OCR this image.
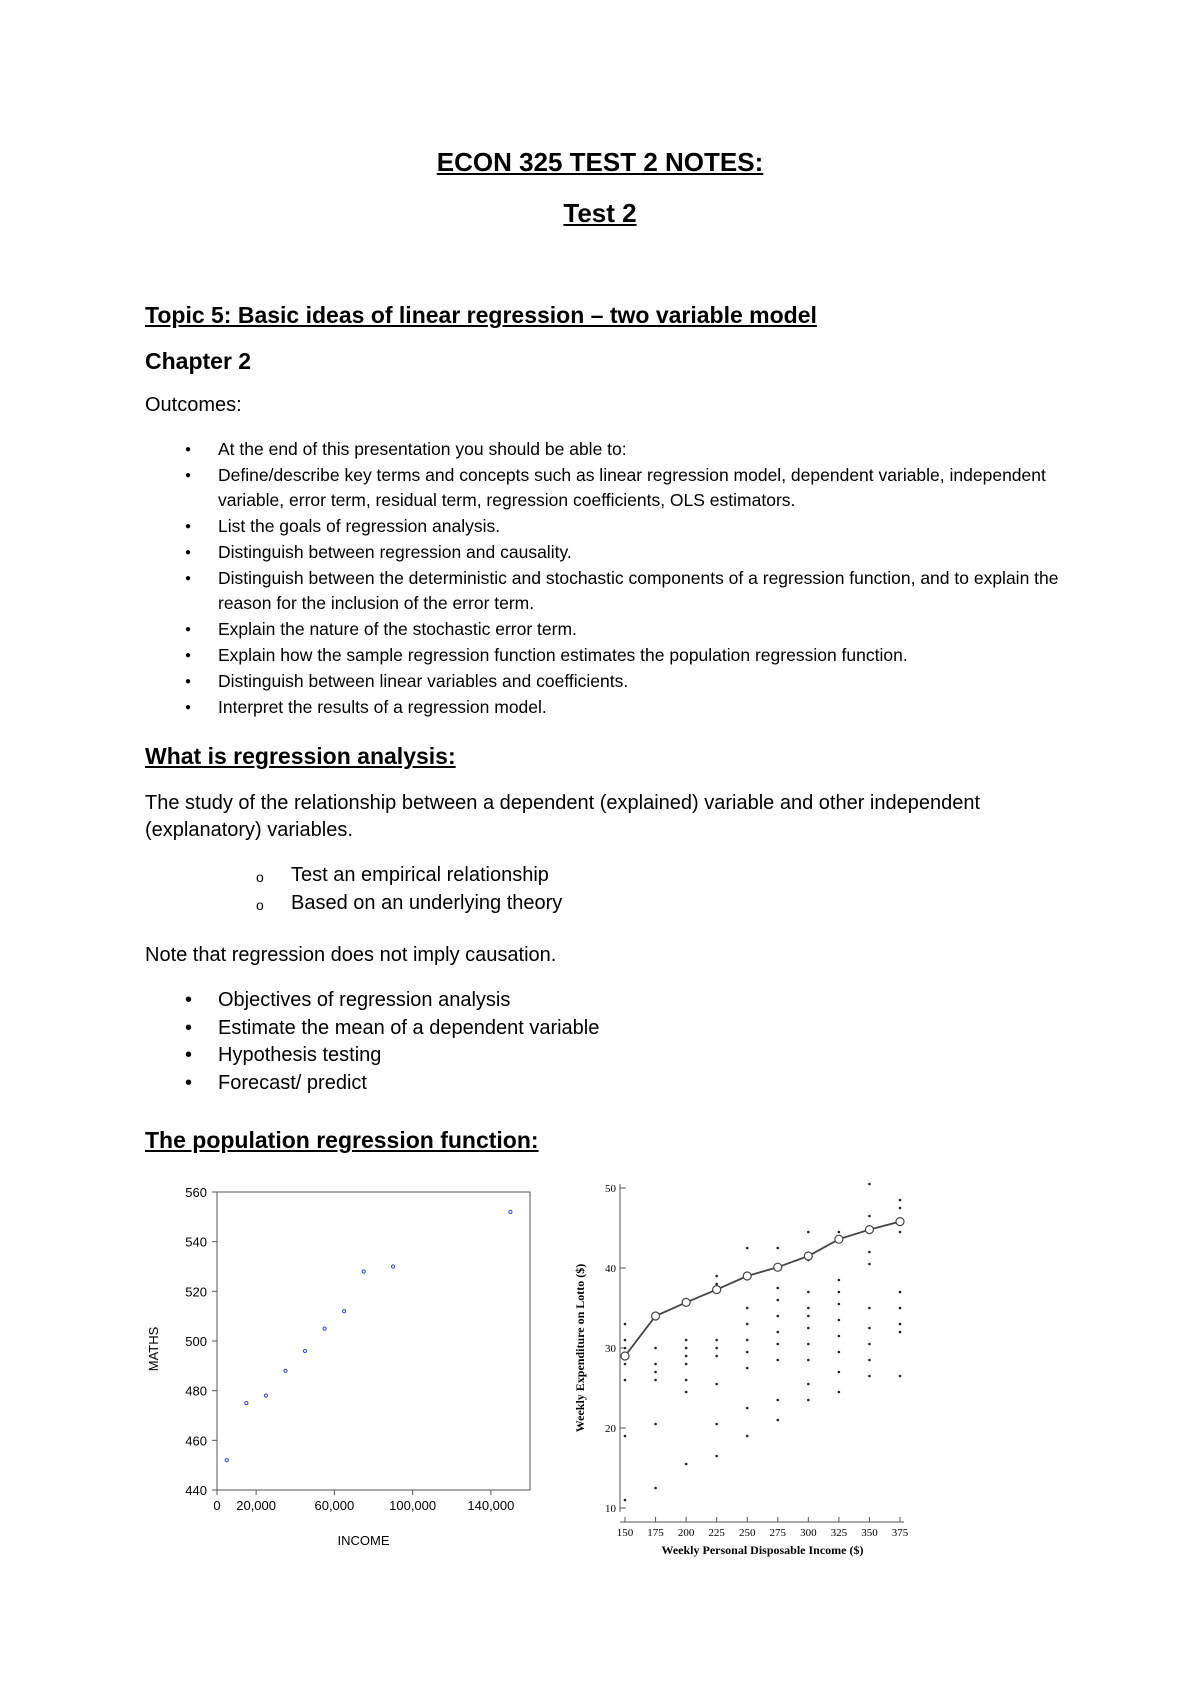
ECON 325 TEST 2 NOTES:
Test 2
Topic 5: Basic ideas of linear regression – two variable model
Chapter 2
Outcomes:
● At the end of this presentation you should be able to:
● Define/describe key terms and concepts such as linear regression model, dependent variable, independent variable, error term, residual term, regression coefficients, OLS estimators.
● List the goals of regression analysis.
● Distinguish between regression and causality.
● Distinguish between the deterministic and stochastic components of a regression function, and to explain the reason for the inclusion of the error term.
● Explain the nature of the stochastic error term.
● Explain how the sample regression function estimates the population regression function.
● Distinguish between linear variables and coefficients.
● Interpret the results of a regression model.
What is regression analysis:
The study of the relationship between a dependent (explained) variable and other independent (explanatory) variables.
o Test an empirical relationship
o Based on an underlying theory
Note that regression does not imply causation.
• Objectives of regression analysis
• Estimate the mean of a dependent variable
• Hypothesis testing
• Forecast/ predict
The population regression function:
440
460
480
500
520
540
560
0 20,000	60,000	100,000 140,000
INCOME
MATHS
10
20
30
40
50
150 175 200 225 250 275 300 325 350 375
Weekly Personal Disposable Income ($)
Weekly Expenditure on Lotto ($)
